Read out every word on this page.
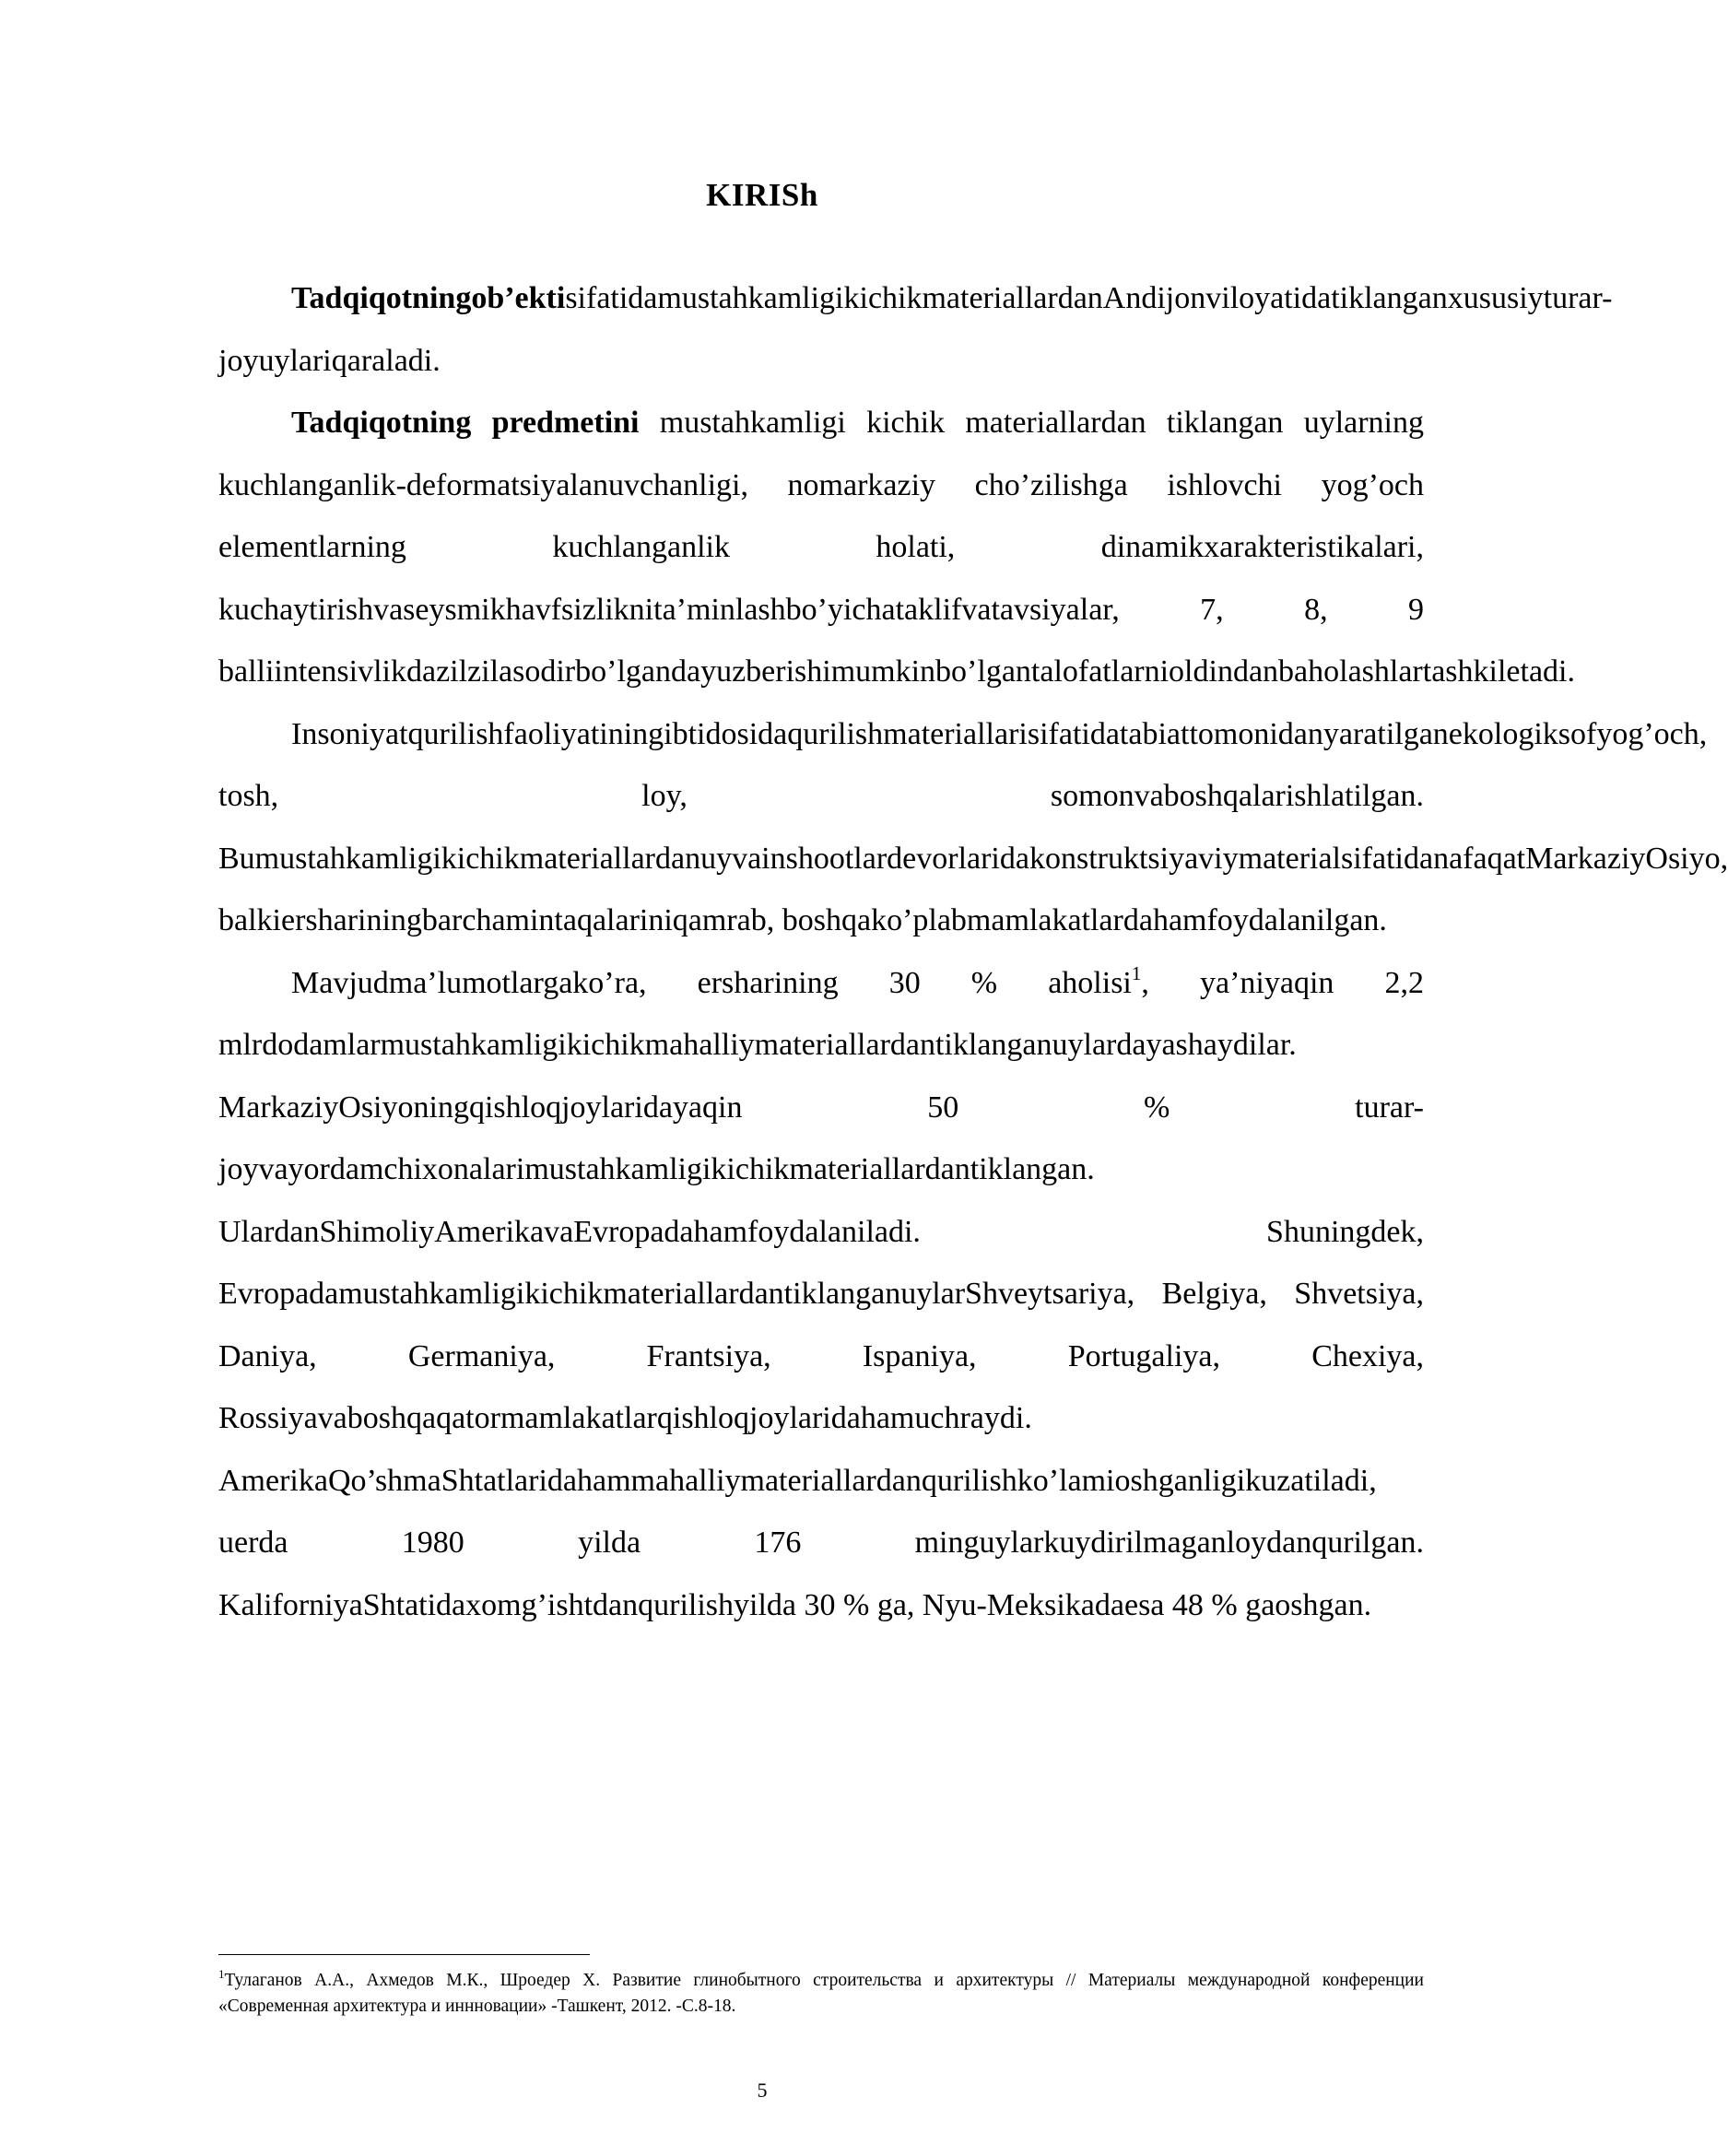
KIRISh

Tadqiqotningob’ektisifatidamustahkamligikichikmateriallardanAndijonviloyatidatiklanganxususiyturar-joyuylariqaraladi.

Tadqiqotning predmetini mustahkamligi kichik materiallardan tiklangan uylarning kuchlanganlik-deformatsiyalanuvchanligi, nomarkaziy cho’zilishga ishlovchi yog’och elementlarning kuchlanganlik holati, dinamikxarakteristikalari, kuchaytirishvaseysmikhavfsizliknita’minlashbo’yichataklifvatavsiyalar, 7, 8, 9 balliintensivlikdazilzilasodirbo’lgandayuzberishimumkinbo’lgantalofatlarnioldindanbaholashlartashkiletadi.

Insoniyatqurilishfaoliyatiningibtidosidaqurilishmateriallarisifatidatabiattomonidanyaratilganekologiksofyog’och, tosh, loy, somonvaboshqalarishlatilgan. BumustahkamligikichikmateriallardanuyvainshootlardevorlaridakonstruktsiyaviymaterialsifatidanafaqatMarkaziyOsiyo, balkiershariningbarchamintaqalariniqamrab, boshqako’plabmamlakatlardahamfoydalanilgan.

Mavjudma’lumotlargako’ra, ersharining 30 % aholisi$^1$, ya’niyaqin 2,2 mlrdodamlarmustahkamligikichikmahalliymateriallardantiklanganuylardayashaydilar. MarkaziyOsiyoningqishloqjoylaridayaqin 50 % turar-joyvayordamchixonalarimustahkamligikichikmateriallardantiklangan.

UlardanShimoliyAmerikavaEvropadahamfoydalaniladi. Shuningdek, EvropadamustahkamligikichikmateriallardantiklanganuylarShveytsariya, Belgiya, Shvetsiya, Daniya, Germaniya, Frantsiya, Ispaniya, Portugaliya, Chexiya, Rossiyavaboshqaqatormamlakatlarqishloqjoylaridahamuchraydi. AmerikaQo’shmaShtatlaridahammahalliymateriallardanqurilishko’lamioshganligikuzatiladi, uerda 1980 yilda 176 minguylarkuydirilmaganloydanqurilgan. KaliforniyaShtatidaxomg’ishtdanqurilishyilda 30 % ga, Nyu-Meksikadaesa 48 % gaoshgan.

$^1$Тулаганов А.А., Ахмедов М.К., Шроедер Х. Развитие глинобытного строительства и архитектуры // Материалы международной конференции «Современная архитектура и иннновации» -Ташкент, 2012. -С.8-18.
5
